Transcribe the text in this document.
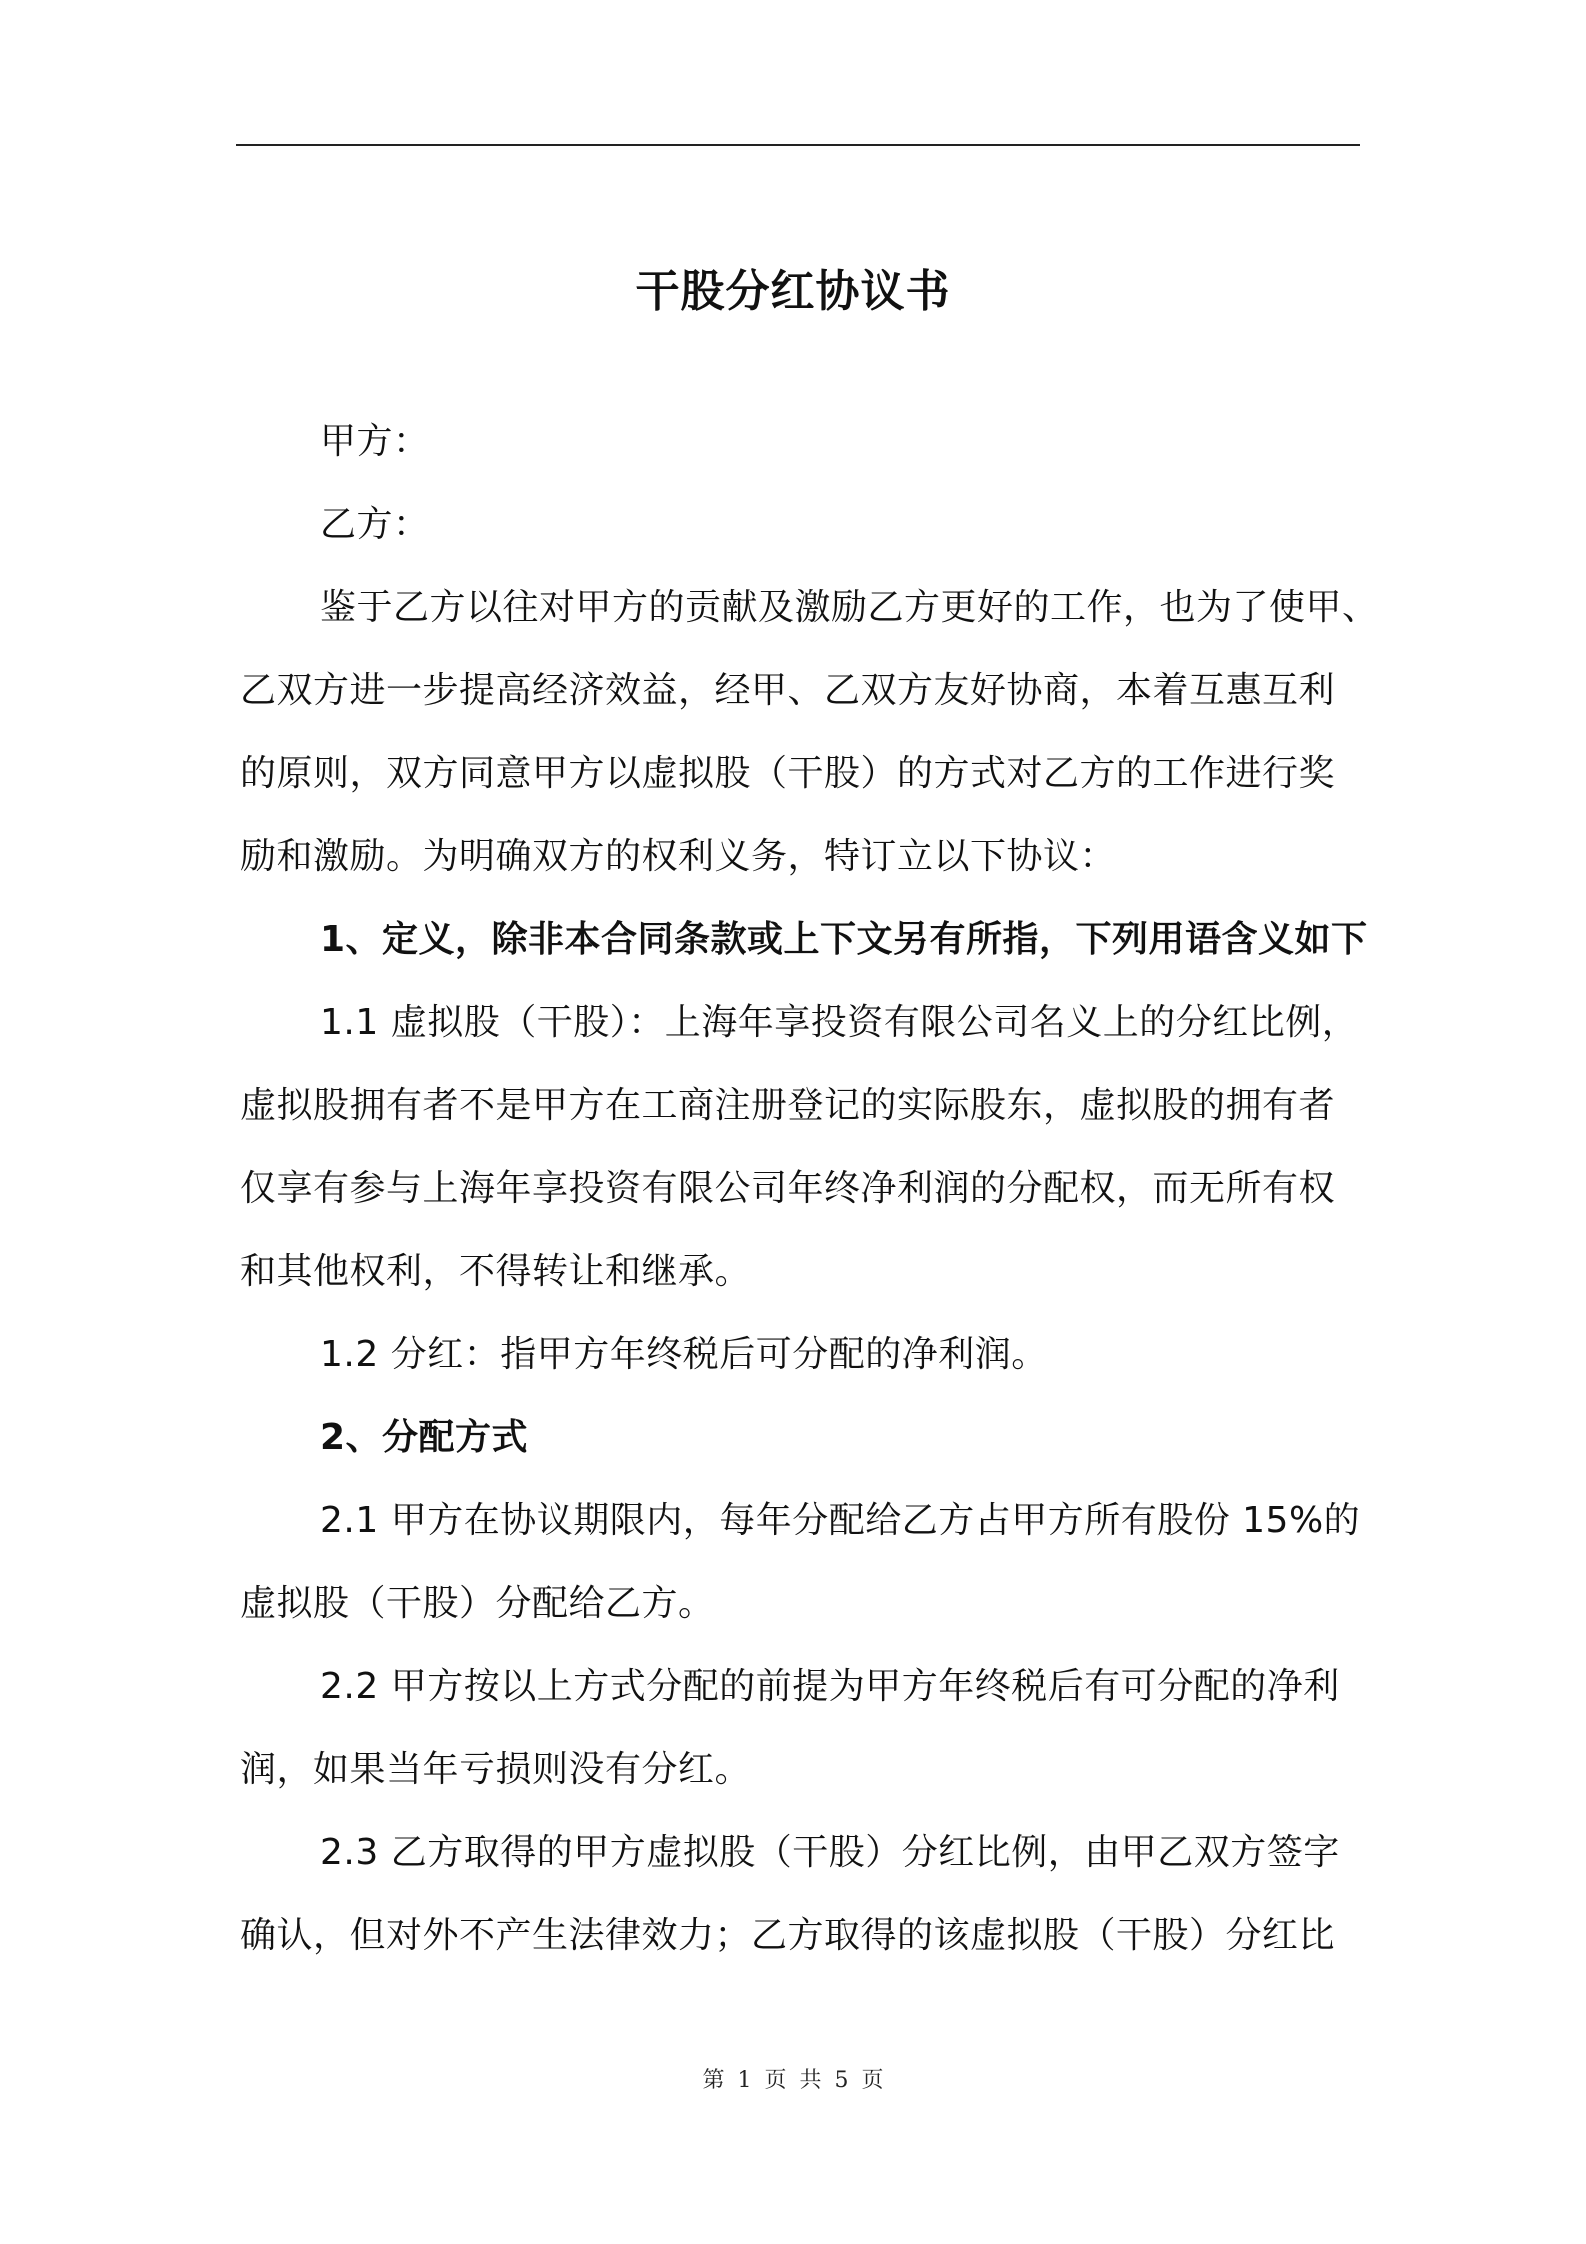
干股分红协议书
甲方：
乙方：
鉴于乙方以往对甲方的贡献及激励乙方更好的工作，也为了使甲、
乙双方进一步提高经济效益，经甲、乙双方友好协商，本着互惠互利
的原则，双方同意甲方以虚拟股（干股）的方式对乙方的工作进行奖
励和激励。为明确双方的权利义务，特订立以下协议：
1、定义，除非本合同条款或上下文另有所指，下列用语含义如下
1.1 虚拟股（干股）：上海年享投资有限公司名义上的分红比例，
虚拟股拥有者不是甲方在工商注册登记的实际股东，虚拟股的拥有者
仅享有参与上海年享投资有限公司年终净利润的分配权，而无所有权
和其他权利，不得转让和继承。
1.2 分红：指甲方年终税后可分配的净利润。
2、分配方式
2.1 甲方在协议期限内，每年分配给乙方占甲方所有股份 15%的
虚拟股（干股）分配给乙方。
2.2 甲方按以上方式分配的前提为甲方年终税后有可分配的净利
润，如果当年亏损则没有分红。
2.3 乙方取得的甲方虚拟股（干股）分红比例，由甲乙双方签字
确认，但对外不产生法律效力；乙方取得的该虚拟股（干股）分红比
第 1 页 共 5 页
